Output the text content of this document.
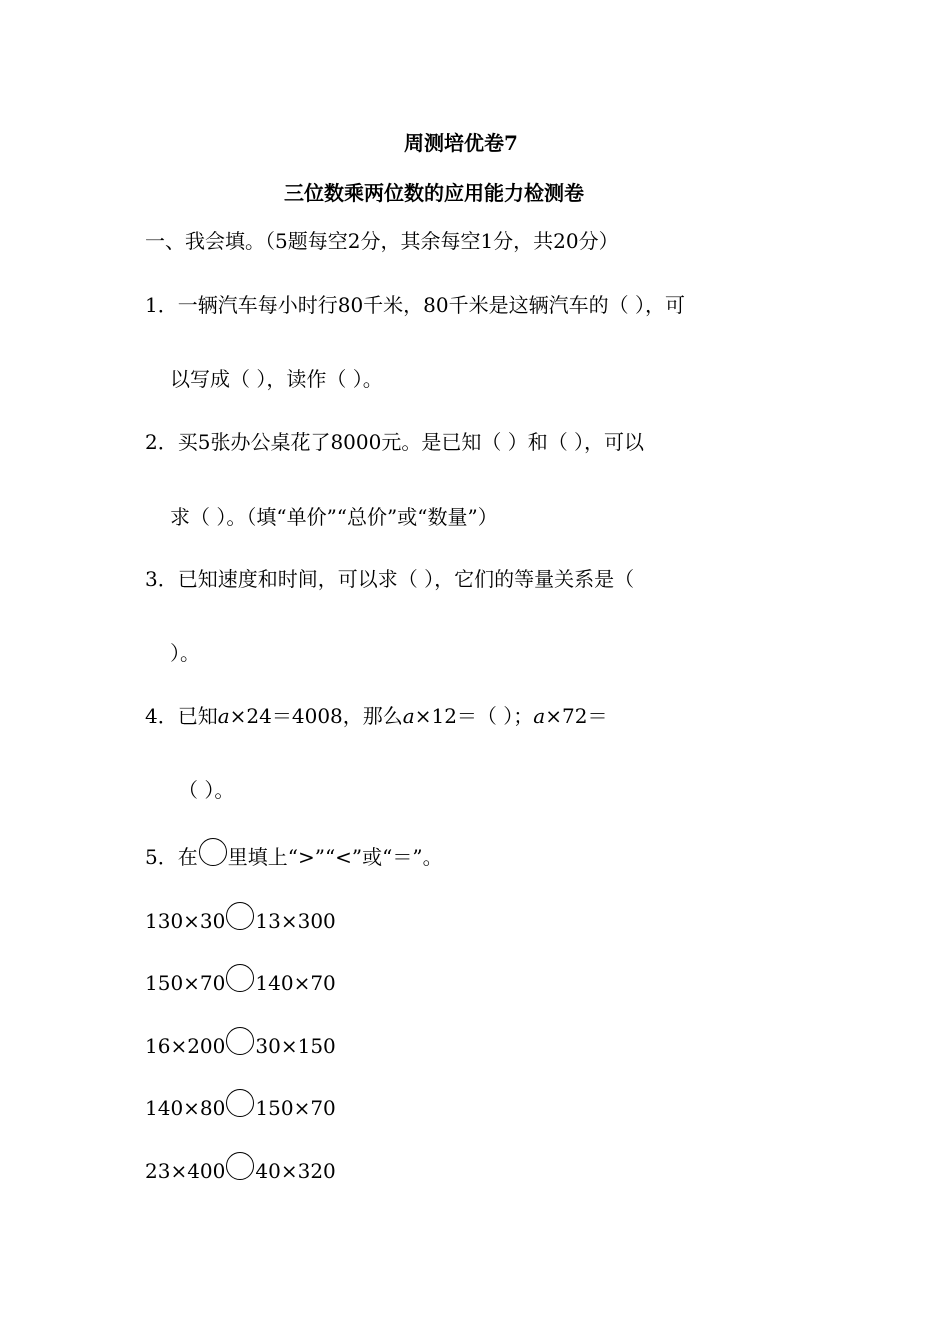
周测培优卷7
三位数乘两位数的应用能力检测卷
一、我会填。（5题每空2分，其余每空1分，共20分）
1．一辆汽车每小时行80千米，80千米是这辆汽车的（ ），可
以写成（ ），读作（ ）。
2．买5张办公桌花了8000元。是已知（ ）和（ ），可以
求（ ）。（填“单价”“总价”或“数量”）
3．已知速度和时间，可以求（ ），它们的等量关系是（
）。
4．已知a×24＝4008，那么a×12＝（ ）；a×72＝
（ ）。
5．在 里填上“>”“<”或“＝”。
130×30 13×300
150×70 140×70
16×200 30×150
140×80 150×70
23×400 40×320
